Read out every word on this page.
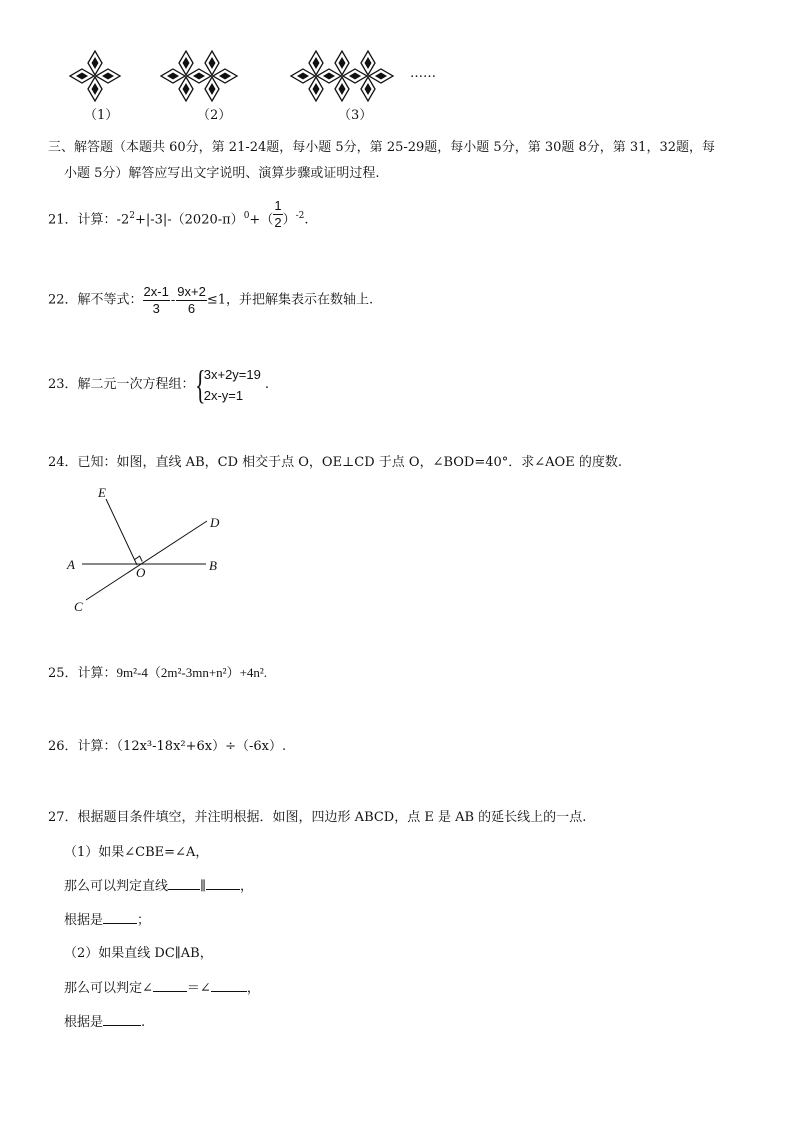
……
（1）	（2）	（3）
三、解答题（本题共 60分，第 21-24题，每小题 5分，第 25-29题，每小题 5分，第 30题 8分，第 31，32题，每
小题 5分）解答应写出文字说明、演算步骤或证明过程.
21．计算：$-2^2+|-3|-(2020-\pi)^0+( \frac{1}{2} )^{-2}$.
22．解不等式： $\frac{2x-1}{3} - \frac{9x+2}{6} \le 1$，并把解集表示在数轴上.
23．解二元一次方程组：{
3x+2y=19
2x-y=1
.
24．已知：如图，直线 AB，CD 相交于点 O，OE⊥CD 于点 O，∠BOD=40°．求∠AOE 的度数.
E
D
A	B
O
C
25．计算：9m²-4（2m²-3mn+n²）+4n².
26．计算：（12x³-18x²+6x）÷（-6x）.
27．根据题目条件填空，并注明根据．如图，四边形 ABCD，点 E 是 AB 的延长线上的一点.
（1）如果∠CBE=∠A，
那么可以判定直线 ∥	，
根据是	；
（2）如果直线 DC∥AB，
那么可以判定∠	＝∠	，
根据是	.
